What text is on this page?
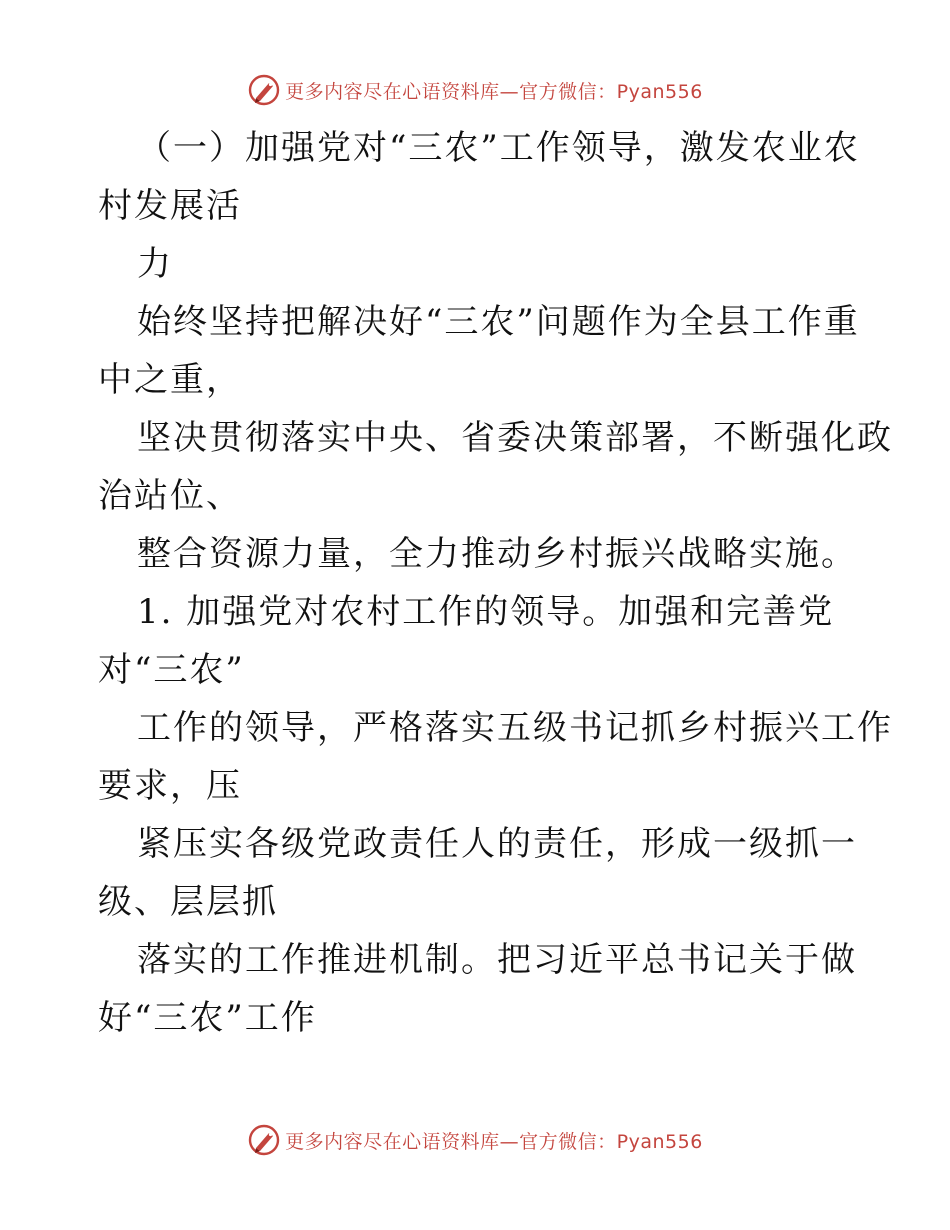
更多内容尽在心语资料库—官方微信：Pyan556
（一）加强党对“三农”工作领导，激发农业农
村发展活
力
始终坚持把解决好“三农”问题作为全县工作重
中之重，
坚决贯彻落实中央、省委决策部署，不断强化政
治站位、
整合资源力量，全力推动乡村振兴战略实施。
1. 加强党对农村工作的领导。加强和完善党
对“三农”
工作的领导，严格落实五级书记抓乡村振兴工作
要求，压
紧压实各级党政责任人的责任，形成一级抓一
级、层层抓
落实的工作推进机制。把习近平总书记关于做
好“三农”工作
更多内容尽在心语资料库—官方微信：Pyan556
